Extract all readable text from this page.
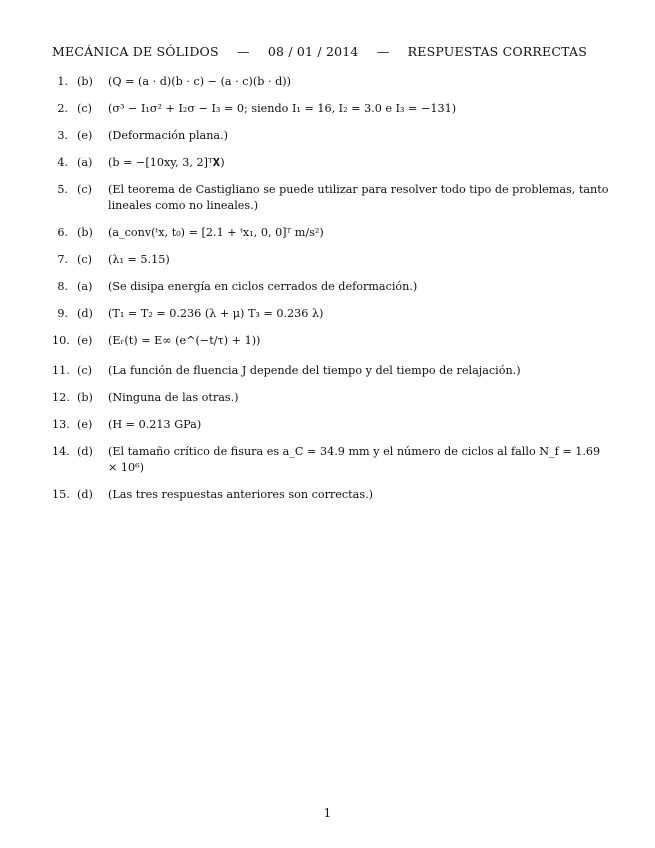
MECÁNICA DE SÓLIDOS — 08 / 01 / 2014 — RESPUESTAS CORRECTAS
1. (b) (Q = (a · d)(b · c) − (a · c)(b · d))
2. (c) (σ³ − I₁σ² + I₂σ − I₃ = 0; siendo I₁ = 16, I₂ = 3.0 e I₃ = −131)
3. (e) (Deformación plana.)
4. (a) (b = −[10xy, 3, 2]ᵀ𝐗)
5. (c) (El teorema de Castigliano se puede utilizar para resolver todo tipo de problemas, tanto lineales como no lineales.)
6. (b) (a_conv(ᵗx, t₀) = [2.1 + ᵗx₁, 0, 0]ᵀ m/s²)
7. (c) (λ₁ = 5.15)
8. (a) (Se disipa energía en ciclos cerrados de deformación.)
9. (d) (T₁ = T₂ = 0.236 (λ + μ) T₃ = 0.236 λ)
10. (e) (Eᵣ(t) = E∞ (e^(−t/τ) + 1))
11. (c) (La función de fluencia J depende del tiempo y del tiempo de relajación.)
12. (b) (Ninguna de las otras.)
13. (e) (H = 0.213 GPa)
14. (d) (El tamaño crítico de fisura es a_C = 34.9 mm y el número de ciclos al fallo N_f = 1.69 × 10⁶)
15. (d) (Las tres respuestas anteriores son correctas.)
1
